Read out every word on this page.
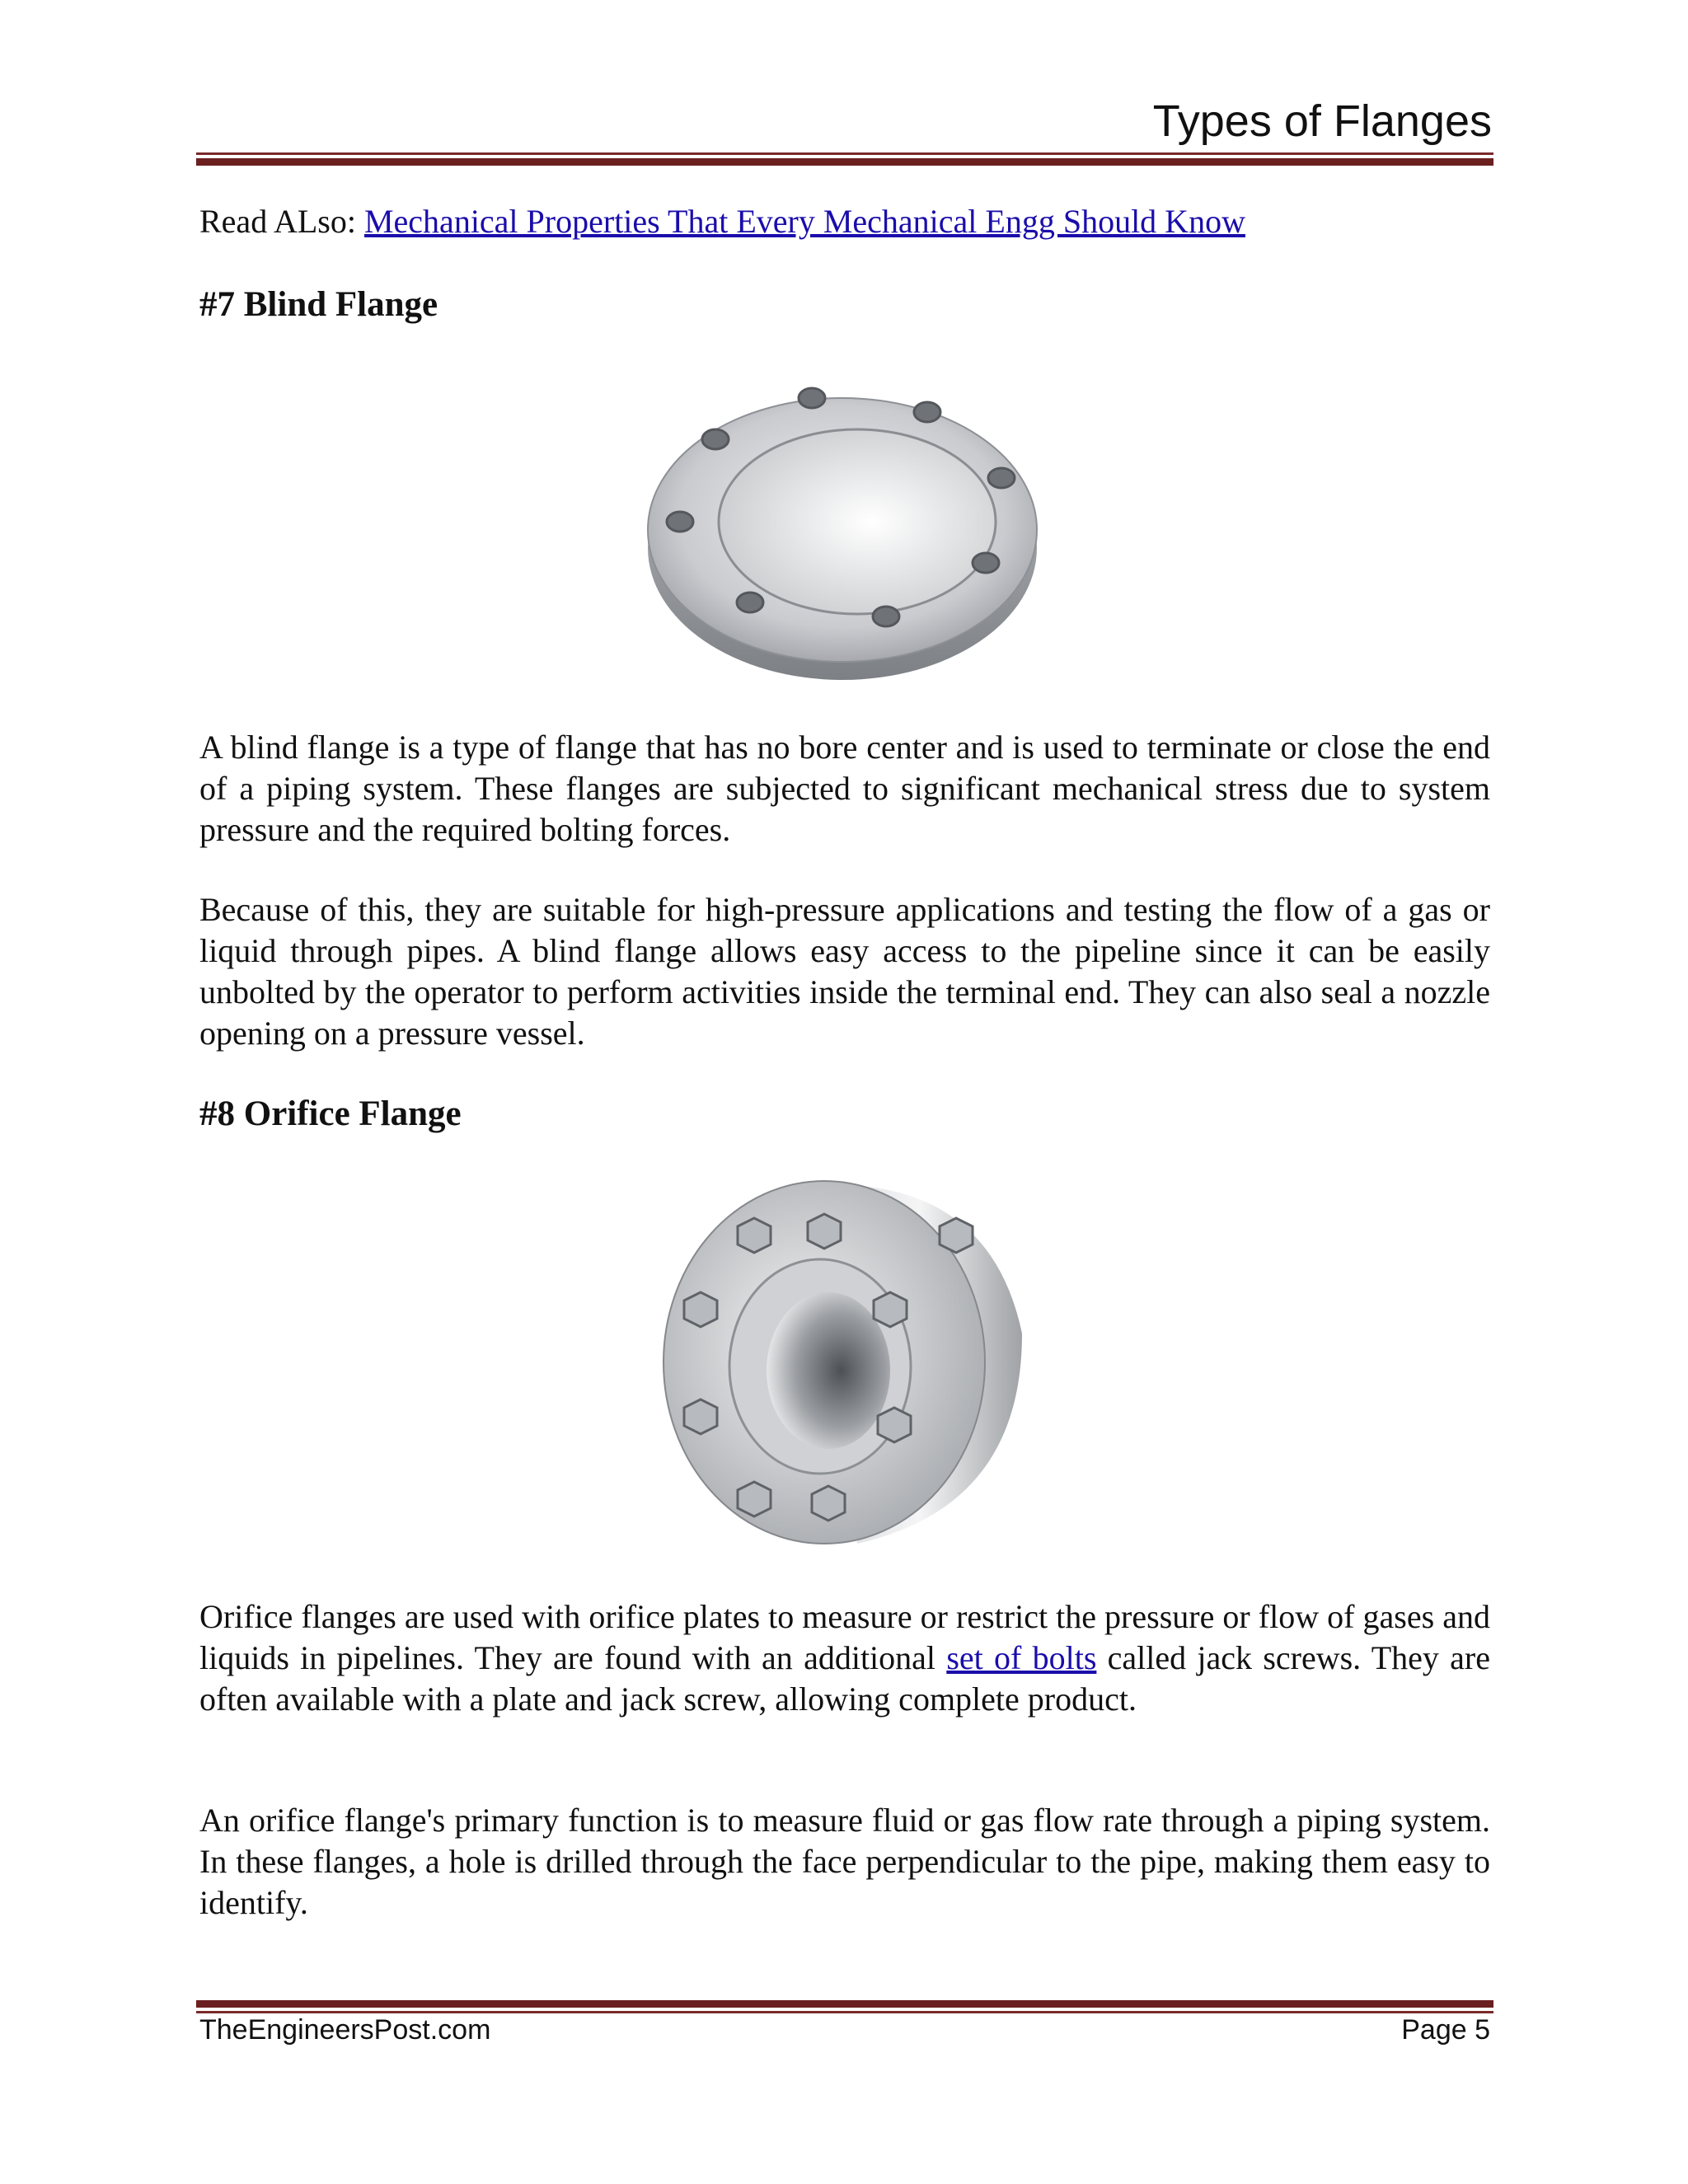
Types of Flanges
Read ALso: Mechanical Properties That Every Mechanical Engg Should Know
#7 Blind Flange

A blind flange is a type of flange that has no bore center and is used to terminate or close the end of a piping system. These flanges are subjected to significant mechanical stress due to system pressure and the required bolting forces.

Because of this, they are suitable for high-pressure applications and testing the flow of a gas or liquid through pipes. A blind flange allows easy access to the pipeline since it can be easily unbolted by the operator to perform activities inside the terminal end. They can also seal a nozzle opening on a pressure vessel.

#8 Orifice Flange

Orifice flanges are used with orifice plates to measure or restrict the pressure or flow of gases and liquids in pipelines. They are found with an additional set of bolts called jack screws. They are often available with a plate and jack screw, allowing complete product.

An orifice flange's primary function is to measure fluid or gas flow rate through a piping system. In these flanges, a hole is drilled through the face perpendicular to the pipe, making them easy to identify.

TheEngineersPost.com	Page 5
